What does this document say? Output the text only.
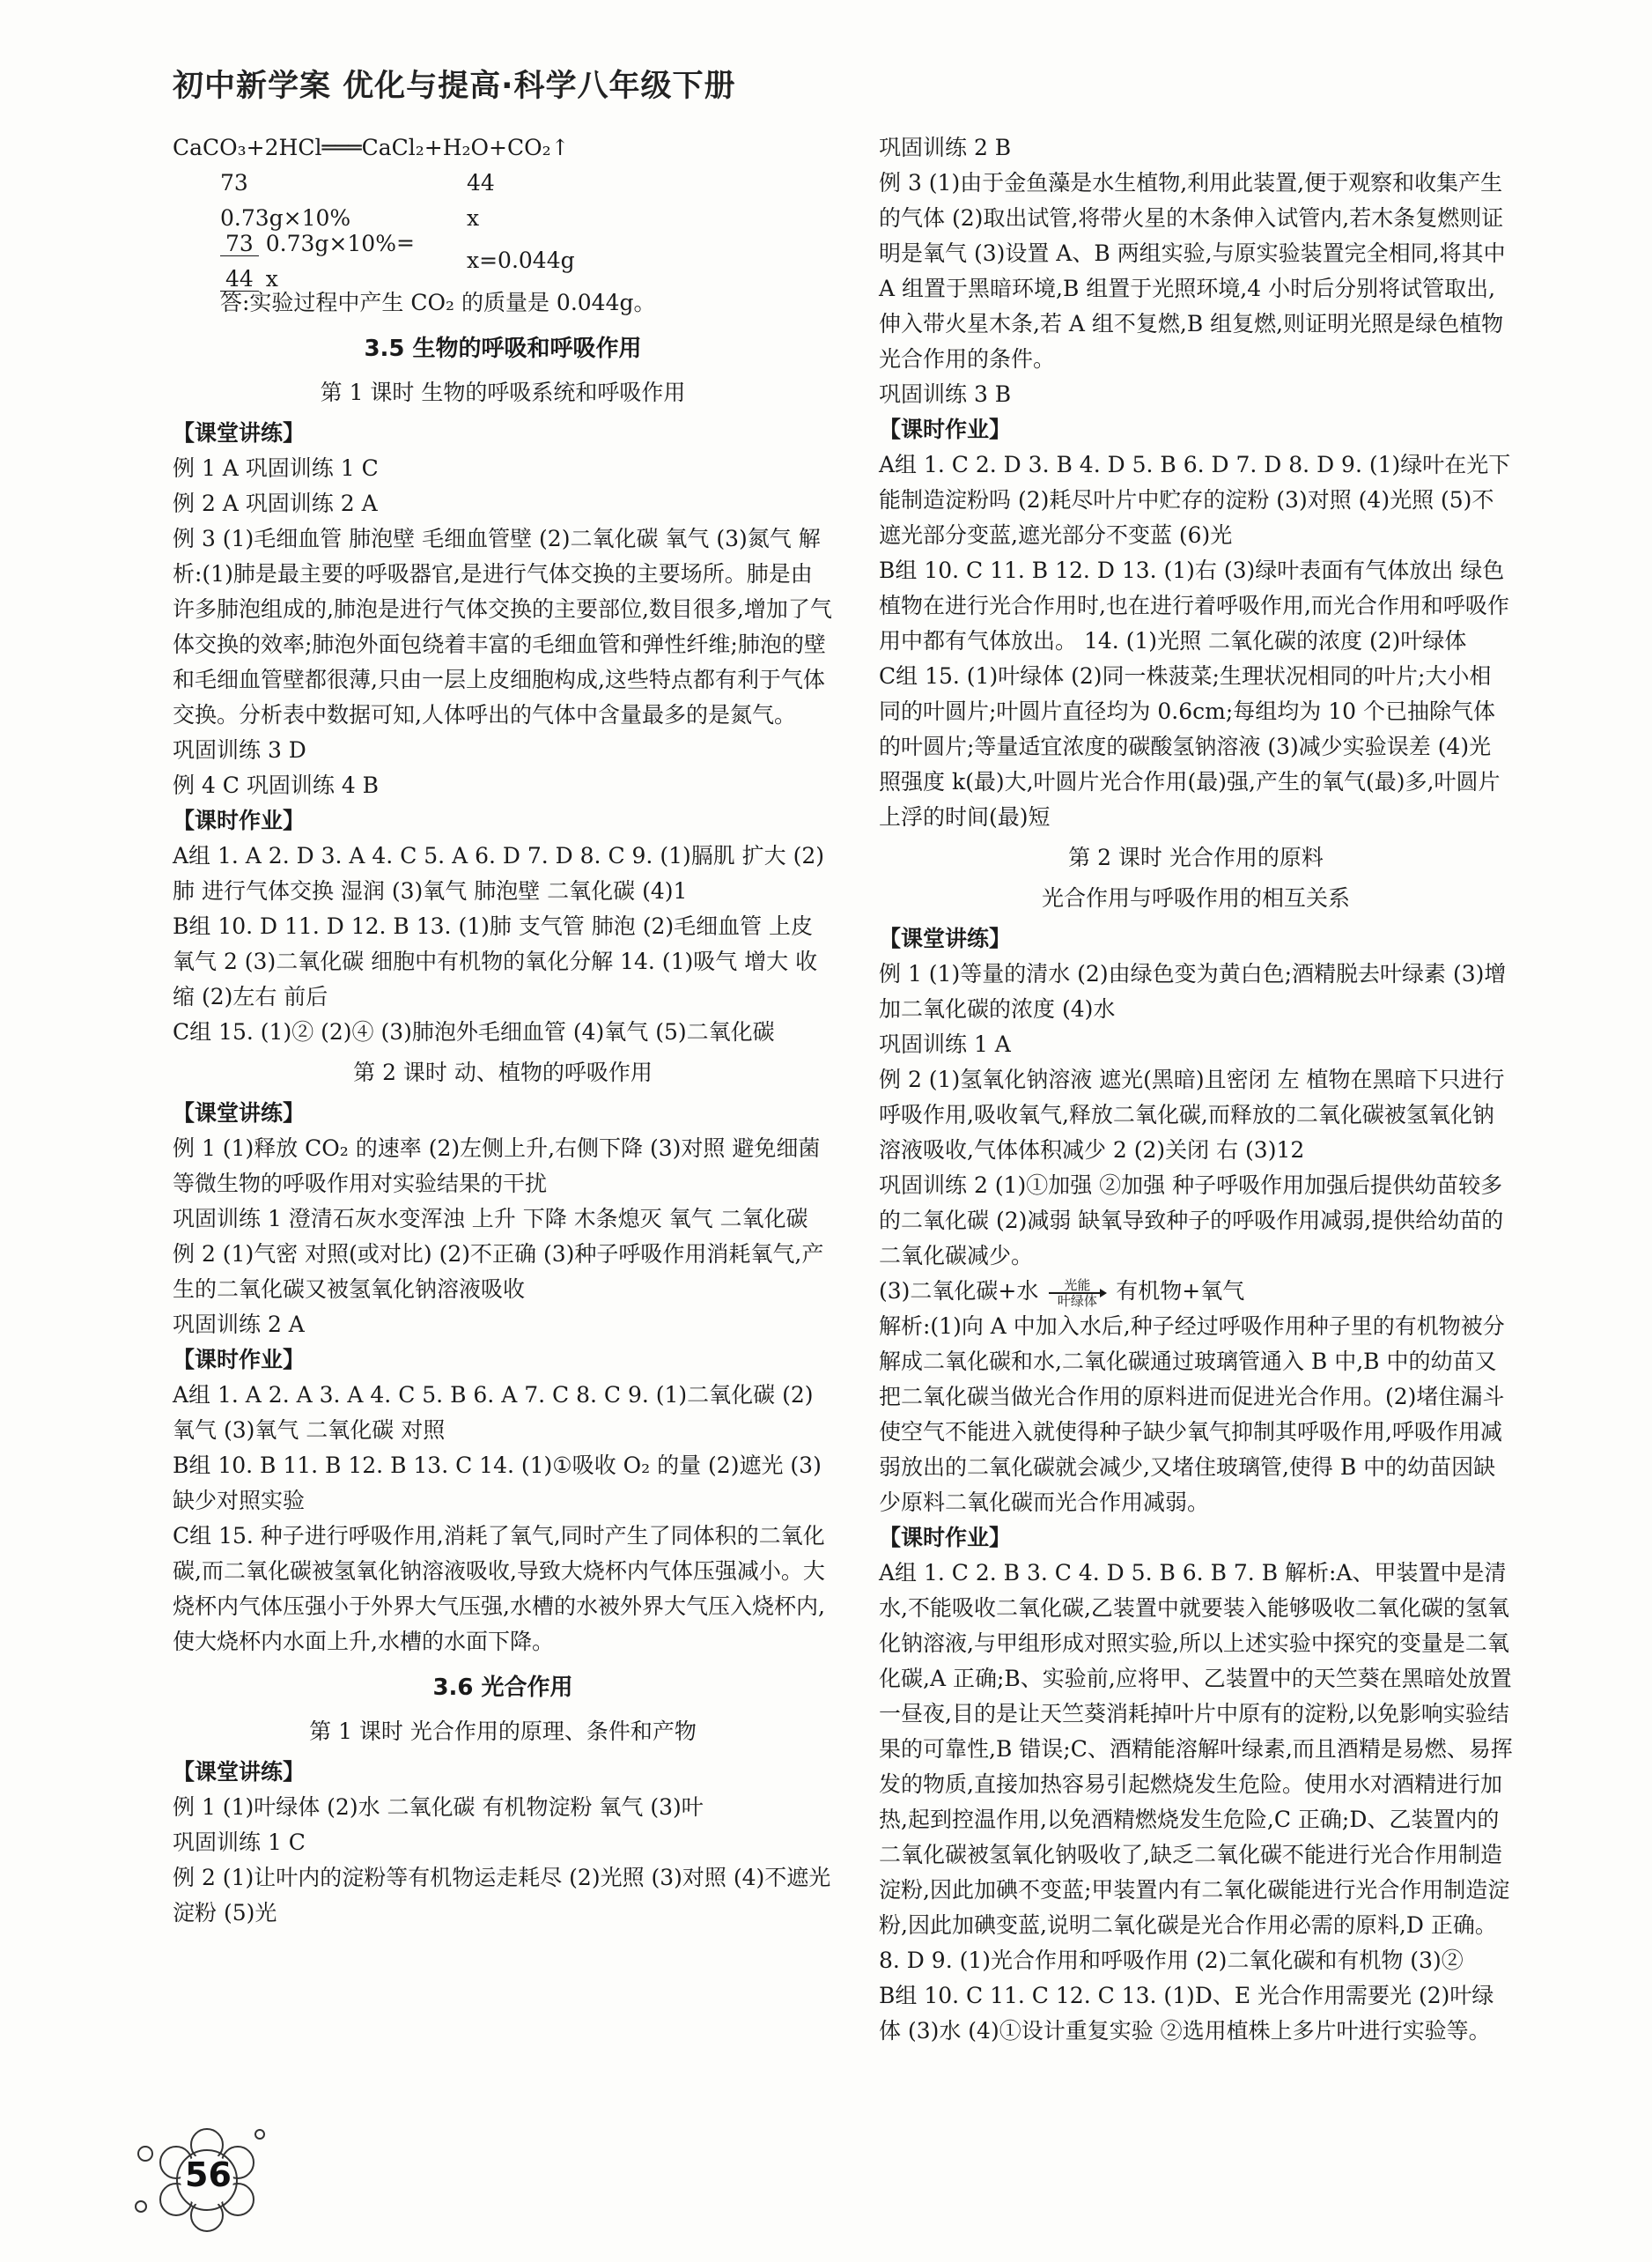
初中新学案 优化与提高·科学八年级下册
CaCO₃+2HCl═══CaCl₂+H₂O+CO₂↑
73	44
0.73g×10%	x
73 0.73g×10%=44 x
x=0.044g
答:实验过程中产生 CO₂ 的质量是 0.044g。
3.5 生物的呼吸和呼吸作用
第 1 课时 生物的呼吸系统和呼吸作用
【课堂讲练】
例 1 A 巩固训练 1 C
例 2 A 巩固训练 2 A
例 3 (1)毛细血管 肺泡壁 毛细血管壁 (2)二氧化碳 氧气 (3)氮气 解析:(1)肺是最主要的呼吸器官,是进行气体交换的主要场所。肺是由许多肺泡组成的,肺泡是进行气体交换的主要部位,数目很多,增加了气体交换的效率;肺泡外面包绕着丰富的毛细血管和弹性纤维;肺泡的壁和毛细血管壁都很薄,只由一层上皮细胞构成,这些特点都有利于气体交换。分析表中数据可知,人体呼出的气体中含量最多的是氮气。
巩固训练 3 D
例 4 C 巩固训练 4 B
【课时作业】
A组 1. A 2. D 3. A 4. C 5. A 6. D 7. D 8. C 9. (1)膈肌 扩大 (2)肺 进行气体交换 湿润 (3)氧气 肺泡壁 二氧化碳 (4)1
B组 10. D 11. D 12. B 13. (1)肺 支气管 肺泡 (2)毛细血管 上皮 氧气 2 (3)二氧化碳 细胞中有机物的氧化分解 14. (1)吸气 增大 收缩 (2)左右 前后
C组 15. (1)② (2)④ (3)肺泡外毛细血管 (4)氧气 (5)二氧化碳
第 2 课时 动、植物的呼吸作用
【课堂讲练】
例 1 (1)释放 CO₂ 的速率 (2)左侧上升,右侧下降 (3)对照 避免细菌等微生物的呼吸作用对实验结果的干扰
巩固训练 1 澄清石灰水变浑浊 上升 下降 木条熄灭 氧气 二氧化碳
例 2 (1)气密 对照(或对比) (2)不正确 (3)种子呼吸作用消耗氧气,产生的二氧化碳又被氢氧化钠溶液吸收
巩固训练 2 A
【课时作业】
A组 1. A 2. A 3. A 4. C 5. B 6. A 7. C 8. C 9. (1)二氧化碳 (2)氧气 (3)氧气 二氧化碳 对照
B组 10. B 11. B 12. B 13. C 14. (1)①吸收 O₂ 的量 (2)遮光 (3)缺少对照实验
C组 15. 种子进行呼吸作用,消耗了氧气,同时产生了同体积的二氧化碳,而二氧化碳被氢氧化钠溶液吸收,导致大烧杯内气体压强减小。大烧杯内气体压强小于外界大气压强,水槽的水被外界大气压入烧杯内,使大烧杯内水面上升,水槽的水面下降。
3.6 光合作用
第 1 课时 光合作用的原理、条件和产物
【课堂讲练】
例 1 (1)叶绿体 (2)水 二氧化碳 有机物淀粉 氧气 (3)叶
巩固训练 1 C
例 2 (1)让叶内的淀粉等有机物运走耗尽 (2)光照 (3)对照 (4)不遮光 淀粉 (5)光
巩固训练 2 B
例 3 (1)由于金鱼藻是水生植物,利用此装置,便于观察和收集产生的气体 (2)取出试管,将带火星的木条伸入试管内,若木条复燃则证明是氧气 (3)设置 A、B 两组实验,与原实验装置完全相同,将其中 A 组置于黑暗环境,B 组置于光照环境,4 小时后分别将试管取出,伸入带火星木条,若 A 组不复燃,B 组复燃,则证明光照是绿色植物光合作用的条件。
巩固训练 3 B
【课时作业】
A组 1. C 2. D 3. B 4. D 5. B 6. D 7. D 8. D 9. (1)绿叶在光下能制造淀粉吗 (2)耗尽叶片中贮存的淀粉 (3)对照 (4)光照 (5)不遮光部分变蓝,遮光部分不变蓝 (6)光
B组 10. C 11. B 12. D 13. (1)右 (3)绿叶表面有气体放出 绿色植物在进行光合作用时,也在进行着呼吸作用,而光合作用和呼吸作用中都有气体放出。 14. (1)光照 二氧化碳的浓度 (2)叶绿体
C组 15. (1)叶绿体 (2)同一株菠菜;生理状况相同的叶片;大小相同的叶圆片;叶圆片直径均为 0.6cm;每组均为 10 个已抽除气体的叶圆片;等量适宜浓度的碳酸氢钠溶液 (3)减少实验误差 (4)光照强度 k(最)大,叶圆片光合作用(最)强,产生的氧气(最)多,叶圆片上浮的时间(最)短
第 2 课时 光合作用的原料
光合作用与呼吸作用的相互关系
【课堂讲练】
例 1 (1)等量的清水 (2)由绿色变为黄白色;酒精脱去叶绿素 (3)增加二氧化碳的浓度 (4)水
巩固训练 1 A
例 2 (1)氢氧化钠溶液 遮光(黑暗)且密闭 左 植物在黑暗下只进行呼吸作用,吸收氧气,释放二氧化碳,而释放的二氧化碳被氢氧化钠溶液吸收,气体体积减少 2 (2)关闭 右 (3)12
巩固训练 2 (1)①加强 ②加强 种子呼吸作用加强后提供幼苗较多的二氧化碳 (2)减弱 缺氧导致种子的呼吸作用减弱,提供给幼苗的二氧化碳减少。
(3)二氧化碳+水 光能
叶绿体 有机物+氧气
解析:(1)向 A 中加入水后,种子经过呼吸作用种子里的有机物被分解成二氧化碳和水,二氧化碳通过玻璃管通入 B 中,B 中的幼苗又把二氧化碳当做光合作用的原料进而促进光合作用。(2)堵住漏斗使空气不能进入就使得种子缺少氧气抑制其呼吸作用,呼吸作用减弱放出的二氧化碳就会减少,又堵住玻璃管,使得 B 中的幼苗因缺少原料二氧化碳而光合作用减弱。
【课时作业】
A组 1. C 2. B 3. C 4. D 5. B 6. B 7. B 解析:A、甲装置中是清水,不能吸收二氧化碳,乙装置中就要装入能够吸收二氧化碳的氢氧化钠溶液,与甲组形成对照实验,所以上述实验中探究的变量是二氧化碳,A 正确;B、实验前,应将甲、乙装置中的天竺葵在黑暗处放置一昼夜,目的是让天竺葵消耗掉叶片中原有的淀粉,以免影响实验结果的可靠性,B 错误;C、酒精能溶解叶绿素,而且酒精是易燃、易挥发的物质,直接加热容易引起燃烧发生危险。使用水对酒精进行加热,起到控温作用,以免酒精燃烧发生危险,C 正确;D、乙装置内的二氧化碳被氢氧化钠吸收了,缺乏二氧化碳不能进行光合作用制造淀粉,因此加碘不变蓝;甲装置内有二氧化碳能进行光合作用制造淀粉,因此加碘变蓝,说明二氧化碳是光合作用必需的原料,D 正确。 8. D 9. (1)光合作用和呼吸作用 (2)二氧化碳和有机物 (3)②
B组 10. C 11. C 12. C 13. (1)D、E 光合作用需要光 (2)叶绿体 (3)水 (4)①设计重复实验 ②选用植株上多片叶进行实验等。
56
